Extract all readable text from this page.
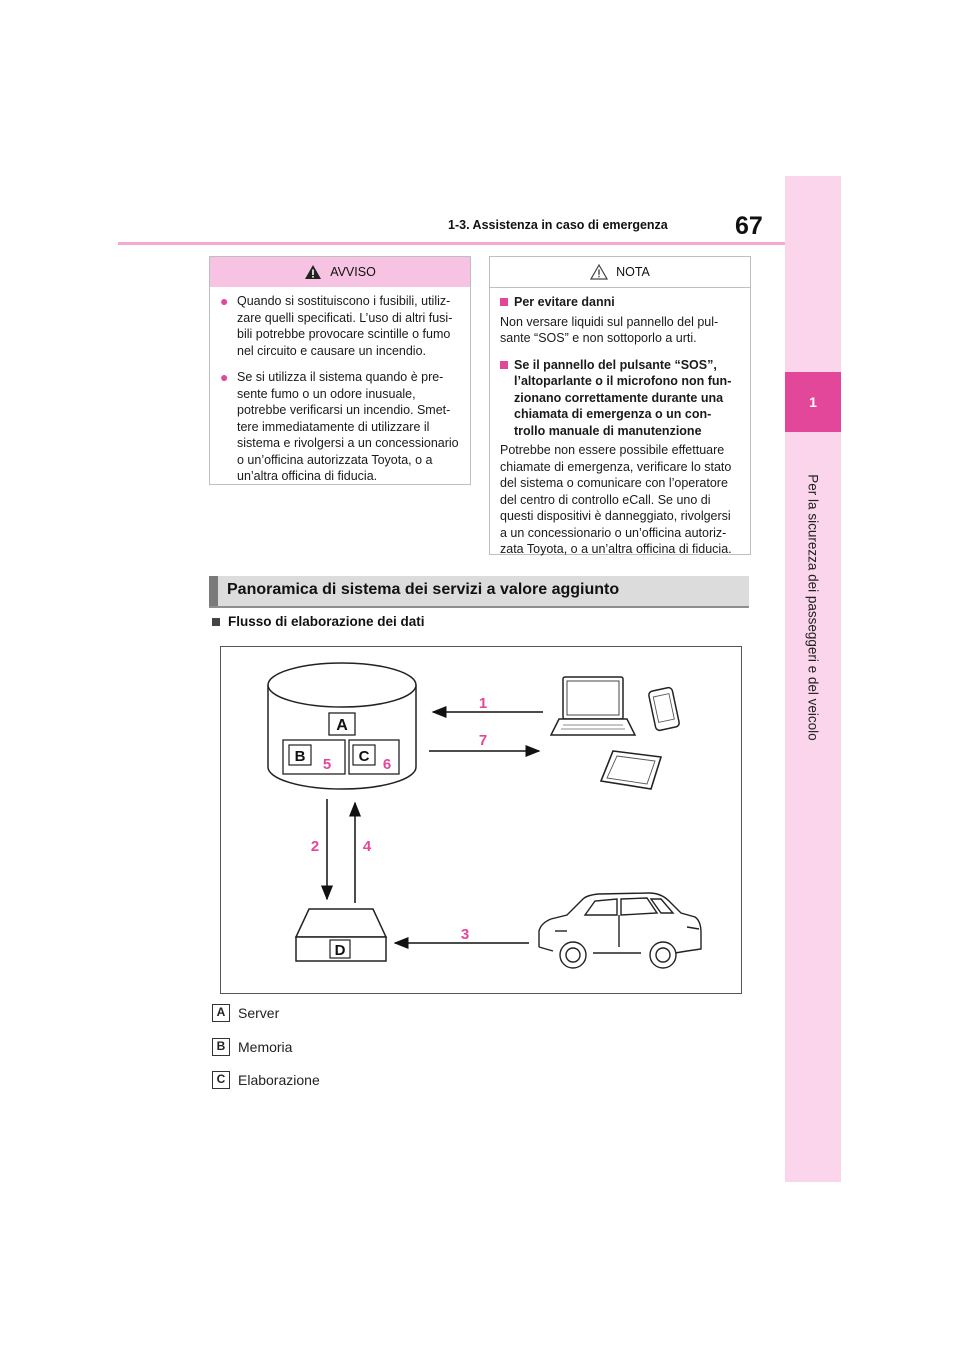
1
Per la sicurezza dei passeggeri e del veicolo
1-3. Assistenza in caso di emergenza	67
AVVISO
● Quando si sostituiscono i fusibili, utiliz-zare quelli specificati. L’uso di altri fusi-bili potrebbe provocare scintille o fumo nel circuito e causare un incendio.
● Se si utilizza il sistema quando è pre-sente fumo o un odore inusuale, potrebbe verificarsi un incendio. Smet-tere immediatamente di utilizzare il sistema e rivolgersi a un concessionario o un’officina autorizzata Toyota, o a un’altra officina di fiducia.
NOTA
Per evitare danni
Non versare liquidi sul pannello del pul-sante “SOS” e non sottoporlo a urti.
Se il pannello del pulsante “SOS”, l’altoparlante o il microfono non fun-zionano correttamente durante una chiamata di emergenza o un con-trollo manuale di manutenzione
Potrebbe non essere possibile effettuare chiamate di emergenza, verificare lo stato del sistema o comunicare con l’operatore del centro di controllo eCall. Se uno di questi dispositivi è danneggiato, rivolgersi a un concessionario o un’officina autoriz-zata Toyota, o a un’altra officina di fiducia.
Panoramica di sistema dei servizi a valore aggiunto
Flusso di elaborazione dei dati
A
B	C
5	6
1
7
2	4
D
3
A Server
B Memoria
C Elaborazione
